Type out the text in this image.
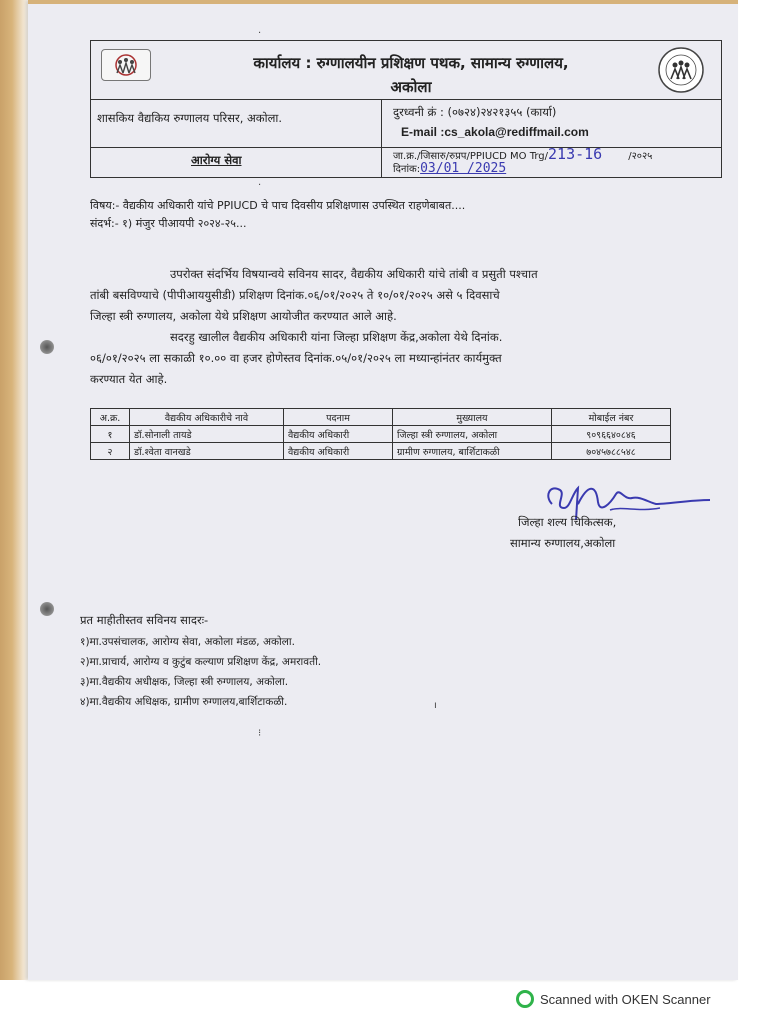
कार्यालय : रुग्णालयीन प्रशिक्षण पथक, सामान्य रुग्णालय,
अकोला
शासकिय वैद्यकिय रुग्णालय परिसर, अकोला.	दुरध्वनी क्रं : (०७२४)२४२१३५५ (कार्या)
E-mail :cs_akola@rediffmail.com
आरोग्य सेवा	जा.क्र./जिसारु/रुप्रप/PPIUCD MO Trg/213-16	/२०२५
दिनांक:03/01 /2025
·
·
विषय:- वैद्यकीय अधिकारी यांचे PPIUCD चे पाच दिवसीय प्रशिक्षणास उपस्थित राहणेबाबत....
संदर्भ:- १) मंजुर पीआयपी २०२४-२५...
उपरोक्त संदर्भिय विषयान्वये सविनय सादर, वैद्यकीय अधिकारी यांचे तांबी व प्रसुती पश्चात
तांबी बसविण्याचे (पीपीआययुसीडी) प्रशिक्षण दिनांक.०६/०१/२०२५ ते १०/०१/२०२५ असे ५ दिवसाचे
जिल्हा स्त्री रुग्णालय, अकोला येथे प्रशिक्षण आयोजीत करण्यात आले आहे.
सदरहु खालील वैद्यकीय अधिकारी यांना जिल्हा प्रशिक्षण केंद्र,अकोला येथे दिनांक.
०६/०१/२०२५ ला सकाळी १०.०० वा हजर होणेस्तव दिनांक.०५/०१/२०२५ ला मध्यान्हांनंतर कार्यमुक्त
करण्यात येत आहे.
अ.क्र.	वैद्यकीय अधिकारीचे नावे	पदनाम	मुख्यालय	मोबाईल नंबर
१	डॉ.सोनाली तायडे	वैद्यकीय अधिकारी	जिल्हा स्त्री रुग्णालय, अकोला	९०९६६४०८४६
२	डॉ.श्वेता वानखडे	वैद्यकीय अधिकारी	ग्रामीण रुग्णालय, बार्शिटाकळी	७०४५७८८५४८
जिल्हा शल्य चिकित्सक,
सामान्य रुग्णालय,अकोला
प्रत माहीतीस्तव सविनय सादरः-
१)मा.उपसंचालक, आरोग्य सेवा, अकोला मंडळ, अकोला.
२)मा.प्राचार्य, आरोग्य व कुटुंब कल्याण प्रशिक्षण केंद्र, अमरावती.
३)मा.वैद्यकीय अधीक्षक, जिल्हा स्त्री रुग्णालय, अकोला.
४)मा.वैद्यकीय अधिक्षक, ग्रामीण रुग्णालय,बार्शिटाकळी.
⁝
ı
Scanned with OKEN Scanner
